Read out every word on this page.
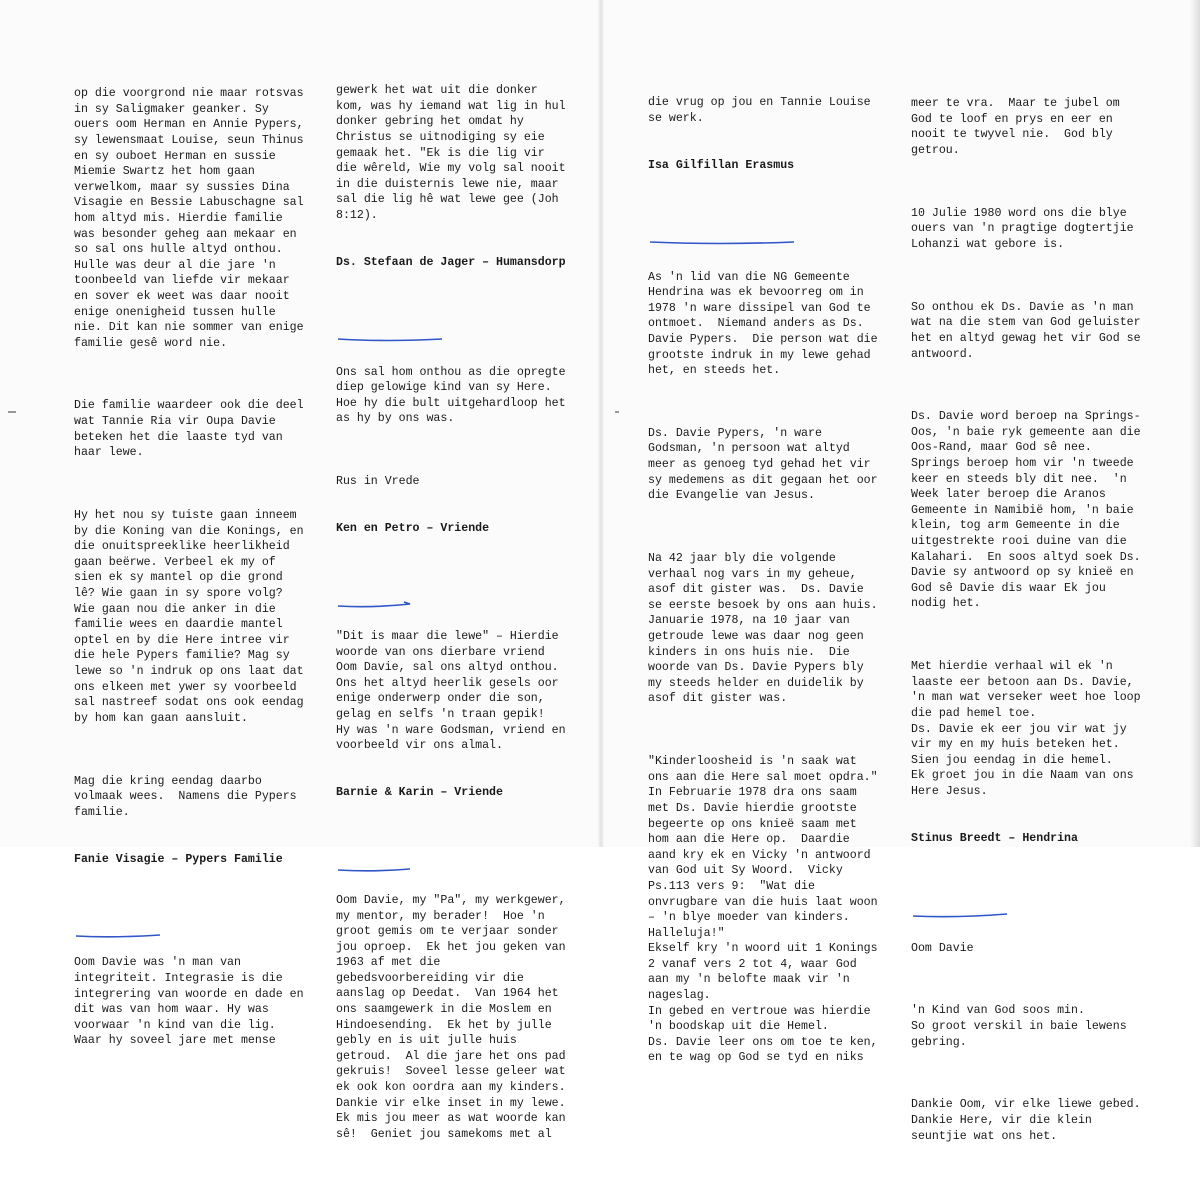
op die voorgrond nie maar rotsvas
in sy Saligmaker geanker. Sy
ouers oom Herman en Annie Pypers,
sy lewensmaat Louise, seun Thinus
en sy ouboet Herman en sussie
Miemie Swartz het hom gaan
verwelkom, maar sy sussies Dina
Visagie en Bessie Labuschagne sal
hom altyd mis. Hierdie familie
was besonder geheg aan mekaar en
so sal ons hulle altyd onthou.
Hulle was deur al die jare 'n
toonbeeld van liefde vir mekaar
en sover ek weet was daar nooit
enige onenigheid tussen hulle
nie. Dit kan nie sommer van enige
familie gesê word nie.

Die familie waardeer ook die deel
wat Tannie Ria vir Oupa Davie
beteken het die laaste tyd van
haar lewe.

Hy het nou sy tuiste gaan inneem
by die Koning van die Konings, en
die onuitspreeklike heerlikheid
gaan beërwe. Verbeel ek my of
sien ek sy mantel op die grond
lê? Wie gaan in sy spore volg?
Wie gaan nou die anker in die
familie wees en daardie mantel
optel en by die Here intree vir
die hele Pypers familie? Mag sy
lewe so 'n indruk op ons laat dat
ons elkeen met ywer sy voorbeeld
sal nastreef sodat ons ook eendag
by hom kan gaan aansluit.

Mag die kring eendag daarbo
volmaak wees.  Namens die Pypers
familie.

Fanie Visagie – Pypers Familie

Oom Davie was 'n man van
integriteit. Integrasie is die
integrering van woorde en dade en
dit was van hom waar. Hy was
voorwaar 'n kind van die lig.
Waar hy soveel jare met mense

gewerk het wat uit die donker
kom, was hy iemand wat lig in hul
donker gebring het omdat hy
Christus se uitnodiging sy eie
gemaak het. "Ek is die lig vir
die wêreld, Wie my volg sal nooit
in die duisternis lewe nie, maar
sal die lig hê wat lewe gee (Joh
8:12).

Ds. Stefaan de Jager – Humansdorp

Ons sal hom onthou as die opregte
diep gelowige kind van sy Here.
Hoe hy die bult uitgehardloop het
as hy by ons was.

Rus in Vrede

Ken en Petro – Vriende

"Dit is maar die lewe" – Hierdie
woorde van ons dierbare vriend
Oom Davie, sal ons altyd onthou.
Ons het altyd heerlik gesels oor
enige onderwerp onder die son,
gelag en selfs 'n traan gepik!
Hy was 'n ware Godsman, vriend en
voorbeeld vir ons almal.

Barnie & Karin – Vriende

Oom Davie, my "Pa", my werkgewer,
my mentor, my berader!  Hoe 'n
groot gemis om te verjaar sonder
jou oproep.  Ek het jou geken van
1963 af met die
gebedsvoorbereiding vir die
aanslag op Deedat.  Van 1964 het
ons saamgewerk in die Moslem en
Hindoesending.  Ek het by julle
gebly en is uit julle huis
getroud.  Al die jare het ons pad
gekruis!  Soveel lesse geleer wat
ek ook kon oordra aan my kinders.
Dankie vir elke inset in my lewe.
Ek mis jou meer as wat woorde kan
sê!  Geniet jou samekoms met al

die vrug op jou en Tannie Louise
se werk.

Isa Gilfillan Erasmus

As 'n lid van die NG Gemeente
Hendrina was ek bevoorreg om in
1978 'n ware dissipel van God te
ontmoet.  Niemand anders as Ds.
Davie Pypers.  Die person wat die
grootste indruk in my lewe gehad
het, en steeds het.

Ds. Davie Pypers, 'n ware
Godsman, 'n persoon wat altyd
meer as genoeg tyd gehad het vir
sy medemens as dit gegaan het oor
die Evangelie van Jesus.

Na 42 jaar bly die volgende
verhaal nog vars in my geheue,
asof dit gister was.  Ds. Davie
se eerste besoek by ons aan huis.
Januarie 1978, na 10 jaar van
getroude lewe was daar nog geen
kinders in ons huis nie.  Die
woorde van Ds. Davie Pypers bly
my steeds helder en duidelik by
asof dit gister was.

"Kinderloosheid is 'n saak wat
ons aan die Here sal moet opdra."
In Februarie 1978 dra ons saam
met Ds. Davie hierdie grootste
begeerte op ons knieë saam met
hom aan die Here op.  Daardie
aand kry ek en Vicky 'n antwoord
van God uit Sy Woord.  Vicky
Ps.113 vers 9:  "Wat die
onvrugbare van die huis laat woon
– 'n blye moeder van kinders.
Halleluja!"
Ekself kry 'n woord uit 1 Konings
2 vanaf vers 2 tot 4, waar God
aan my 'n belofte maak vir 'n
nageslag.
In gebed en vertroue was hierdie
'n boodskap uit die Hemel.
Ds. Davie leer ons om toe te ken,
en te wag op God se tyd en niks

meer te vra.  Maar te jubel om
God te loof en prys en eer en
nooit te twyvel nie.  God bly
getrou.

10 Julie 1980 word ons die blye
ouers van 'n pragtige dogtertjie
Lohanzi wat gebore is.

So onthou ek Ds. Davie as 'n man
wat na die stem van God geluister
het en altyd gewag het vir God se
antwoord.

Ds. Davie word beroep na Springs-
Oos, 'n baie ryk gemeente aan die
Oos-Rand, maar God sê nee.
Springs beroep hom vir 'n tweede
keer en steeds bly dit nee.  'n
Week later beroep die Aranos
Gemeente in Namibië hom, 'n baie
klein, tog arm Gemeente in die
uitgestrekte rooi duine van die
Kalahari.  En soos altyd soek Ds.
Davie sy antwoord op sy knieë en
God sê Davie dis waar Ek jou
nodig het.

Met hierdie verhaal wil ek 'n
laaste eer betoon aan Ds. Davie,
'n man wat verseker weet hoe loop
die pad hemel toe.
Ds. Davie ek eer jou vir wat jy
vir my en my huis beteken het.
Sien jou eendag in die hemel.
Ek groet jou in die Naam van ons
Here Jesus.

Stinus Breedt – Hendrina

Oom Davie

'n Kind van God soos min.
So groot verskil in baie lewens
gebring.

Dankie Oom, vir elke liewe gebed.
Dankie Here, vir die klein
seuntjie wat ons het.
